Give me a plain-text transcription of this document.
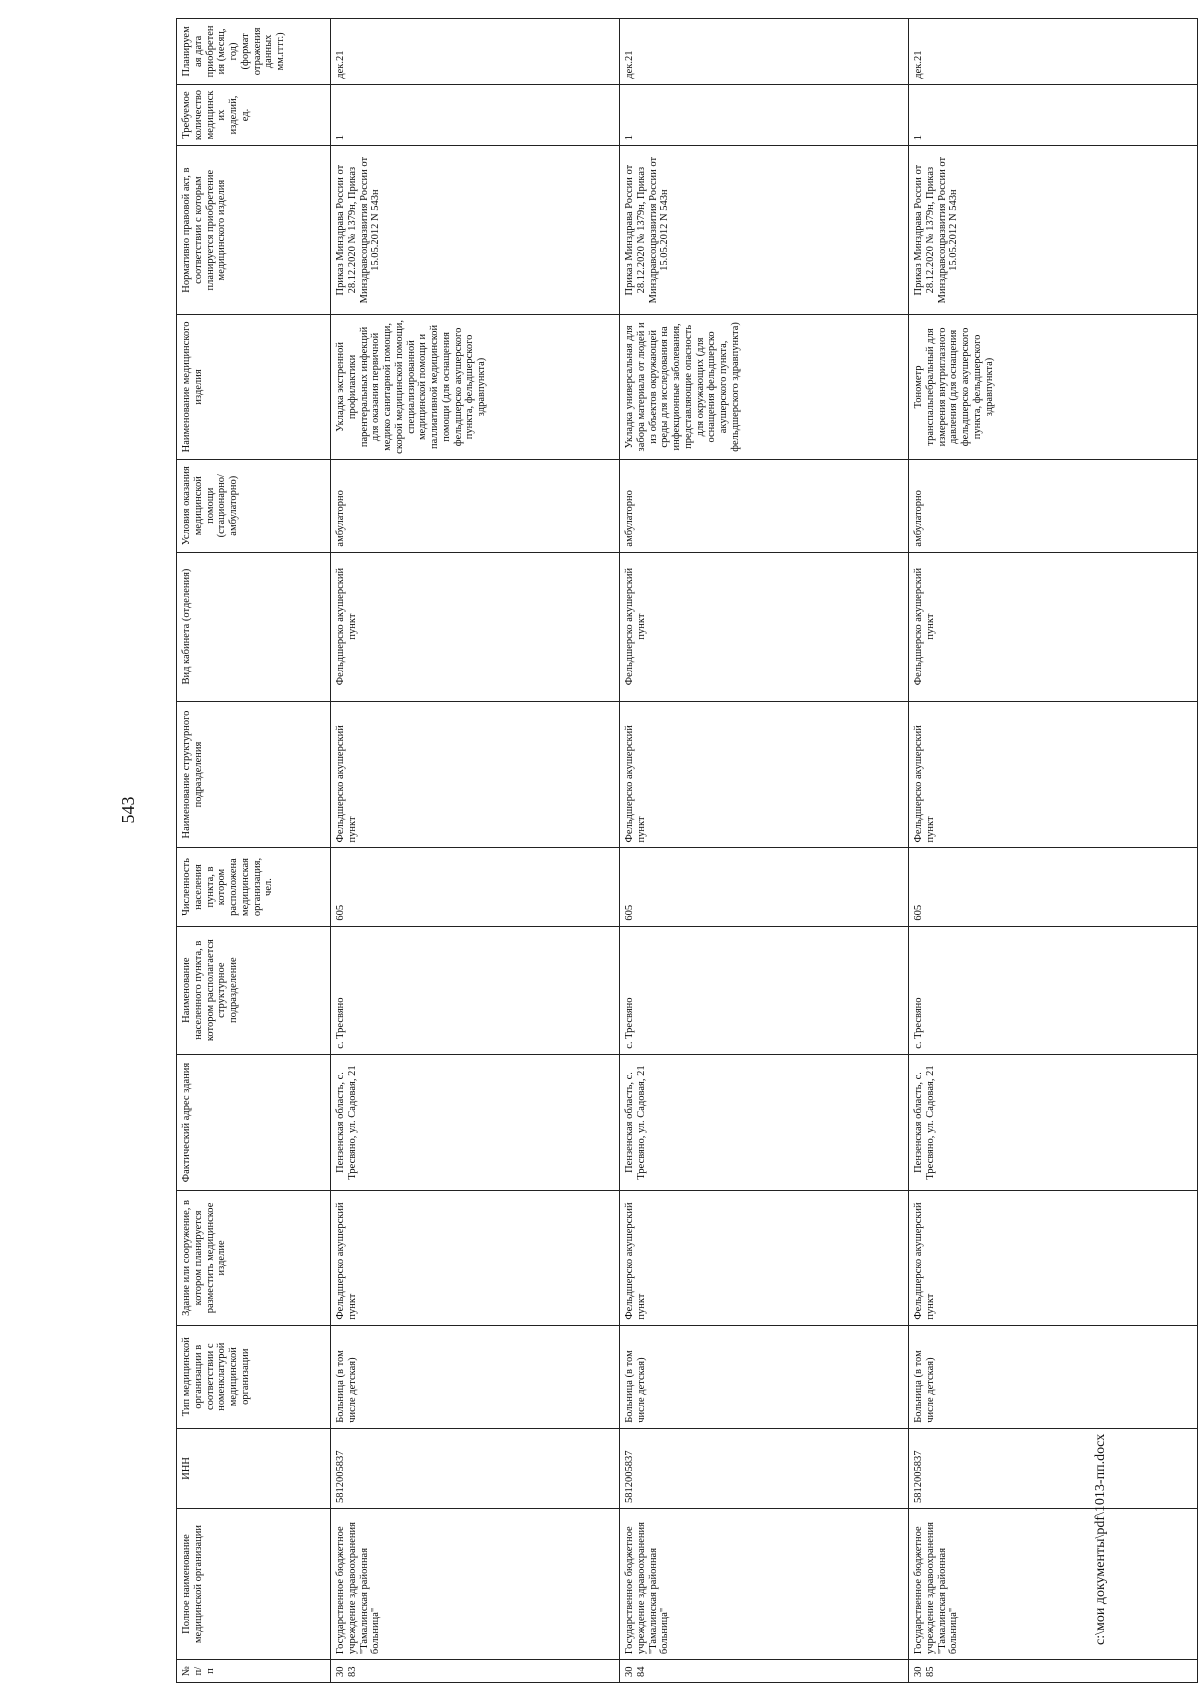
543
№ п/п	Полное наименование медицинской организации	ИНН	Тип медицинской организации в соответствии с номенклатурой медицинской организации	Здание или сооружение, в котором планируется разместить медицинское изделие	Фактический адрес здания	Наименование населенного пункта, в котором располагается структурное подразделение	Численность населения пункта, в котором расположена медицинская организация, чел.	Наименование структурного подразделения	Вид кабинета (отделения)	Условия оказания медицинской помощи (стационарно/амбулаторно)	Наименование медицинского изделия	Нормативно правовой акт, в соответствии с которым планируется приобретение медицинского изделия	Требуемое количество медицинских изделий, ед.	Планируемая дата приобретения (месяц, год) (формат отражения данных мм.гггг.)
3083	Государственное бюджетное учреждение здравоохранения "Тамалинская районная больница"	5812005837	Больница (в том числе детская)	Фельдшерско акушерский пункт	Пензенская область, с. Тресвяно, ул. Садовая, 21	с. Тресвяно	605	Фельдшерско акушерский пункт	Фельдшерско акушерский пункт	амбулаторно	Укладка экстренной профилактики парентеральных инфекций для оказания первичной медико санитарной помощи, скорой медицинской помощи, специализированной медицинской помощи и паллиативной медицинской помощи (для оснащения фельдшерско акушерского пункта, фельдшерского здравпункта)	Приказ Минздрава России от 28.12.2020 № 1379н, Приказ Минздравсоцразвития России от 15.05.2012 N 543н	1	дек.21
3084	Государственное бюджетное учреждение здравоохранения "Тамалинская районная больница"	5812005837	Больница (в том числе детская)	Фельдшерско акушерский пункт	Пензенская область, с. Тресвяно, ул. Садовая, 21	с. Тресвяно	605	Фельдшерско акушерский пункт	Фельдшерско акушерский пункт	амбулаторно	Укладка универсальная для забора материала от людей и из объектов окружающей среды для исследования на инфекционные заболевания, представляющие опасность для окружающих (для оснащения фельдшерско акушерского пункта, фельдшерского здравпункта)	Приказ Минздрава России от 28.12.2020 № 1379н, Приказ Минздравсоцразвития России от 15.05.2012 N 543н	1	дек.21
3085	Государственное бюджетное учреждение здравоохранения "Тамалинская районная больница"	5812005837	Больница (в том числе детская)	Фельдшерско акушерский пункт	Пензенская область, с. Тресвяно, ул. Садовая, 21	с. Тресвяно	605	Фельдшерско акушерский пункт	Фельдшерско акушерский пункт	амбулаторно	Тонометр транспальпебральный для измерения внутриглазного давления (для оснащения фельдшерско акушерского пункта, фельдшерского здравпункта)	Приказ Минздрава России от 28.12.2020 № 1379н, Приказ Минздравсоцразвития России от 15.05.2012 N 543н	1	дек.21
c:\мои документы\pdf\1013-пп.docx
